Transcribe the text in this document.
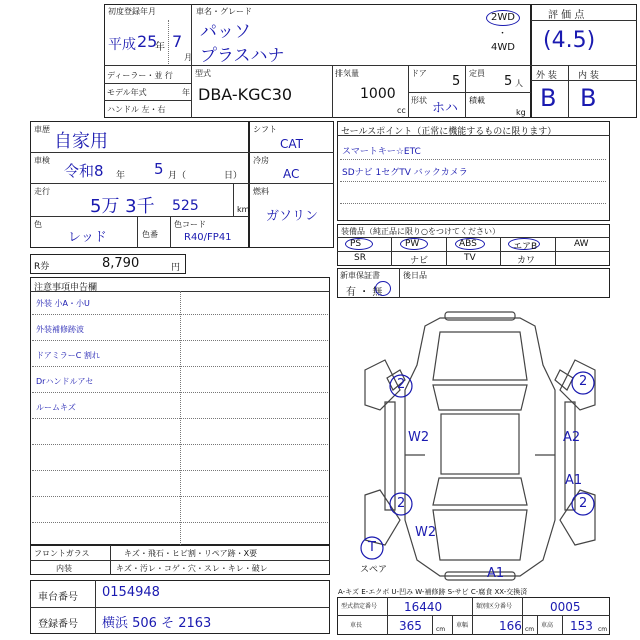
初度登録年月
平成 25
年 7
月
車名・グレード
パッソ
プラスハナ
2WD
・
4WD
ディーラー・並 行
モデル年式	年
ハンドル 左・右
型式
DBA-KGC30
排気量
1000
cc
ドア
5
定員
5 人
形状
ホハ
積載
kg
評 価 点
(4.5)
外 装 内 装
B B
車歴
自家用
車検
令和8 年 5 月（	日）
走行
5万 3千 525	km
色
レッド	色番
色コード
R40/FP41
シフト
CAT
冷房
AC
燃料
ガソリン
セールスポイント（正常に機能するものに限ります）
スマートキー☆ETC
SDナビ 1セグTV バックカメラ
装備品（純正品に限り○をつけてください）
PS	PW	ABS	エアB	AW
SR	ナビ	TV	カワ
R券	8,790	円
新車保証書
有 ・ 無
後日品
注意事項申告欄
外装 小A・小U
外装補修跡波
ドアミラーC 割れ
Drハンドルアセ
ルームキズ
フロントガラス	キズ・飛石・ヒビ割・リペア跡・X要
内装	キズ・汚レ・コゲ・穴・スレ・キレ・破レ
車台番号 0154948
登録番号 横浜 506 そ 2163
2	2
W2	A2
A1
2	2
W2
A1
T
スペア
A-キズ E-エクボ U-凹み W-補修跡 S-サビ C-腐食 XX-交換済
型式指定番号 16440	類別区分番号	0005
車長	365 cm
車幅	166 cm
車高 153 cm
